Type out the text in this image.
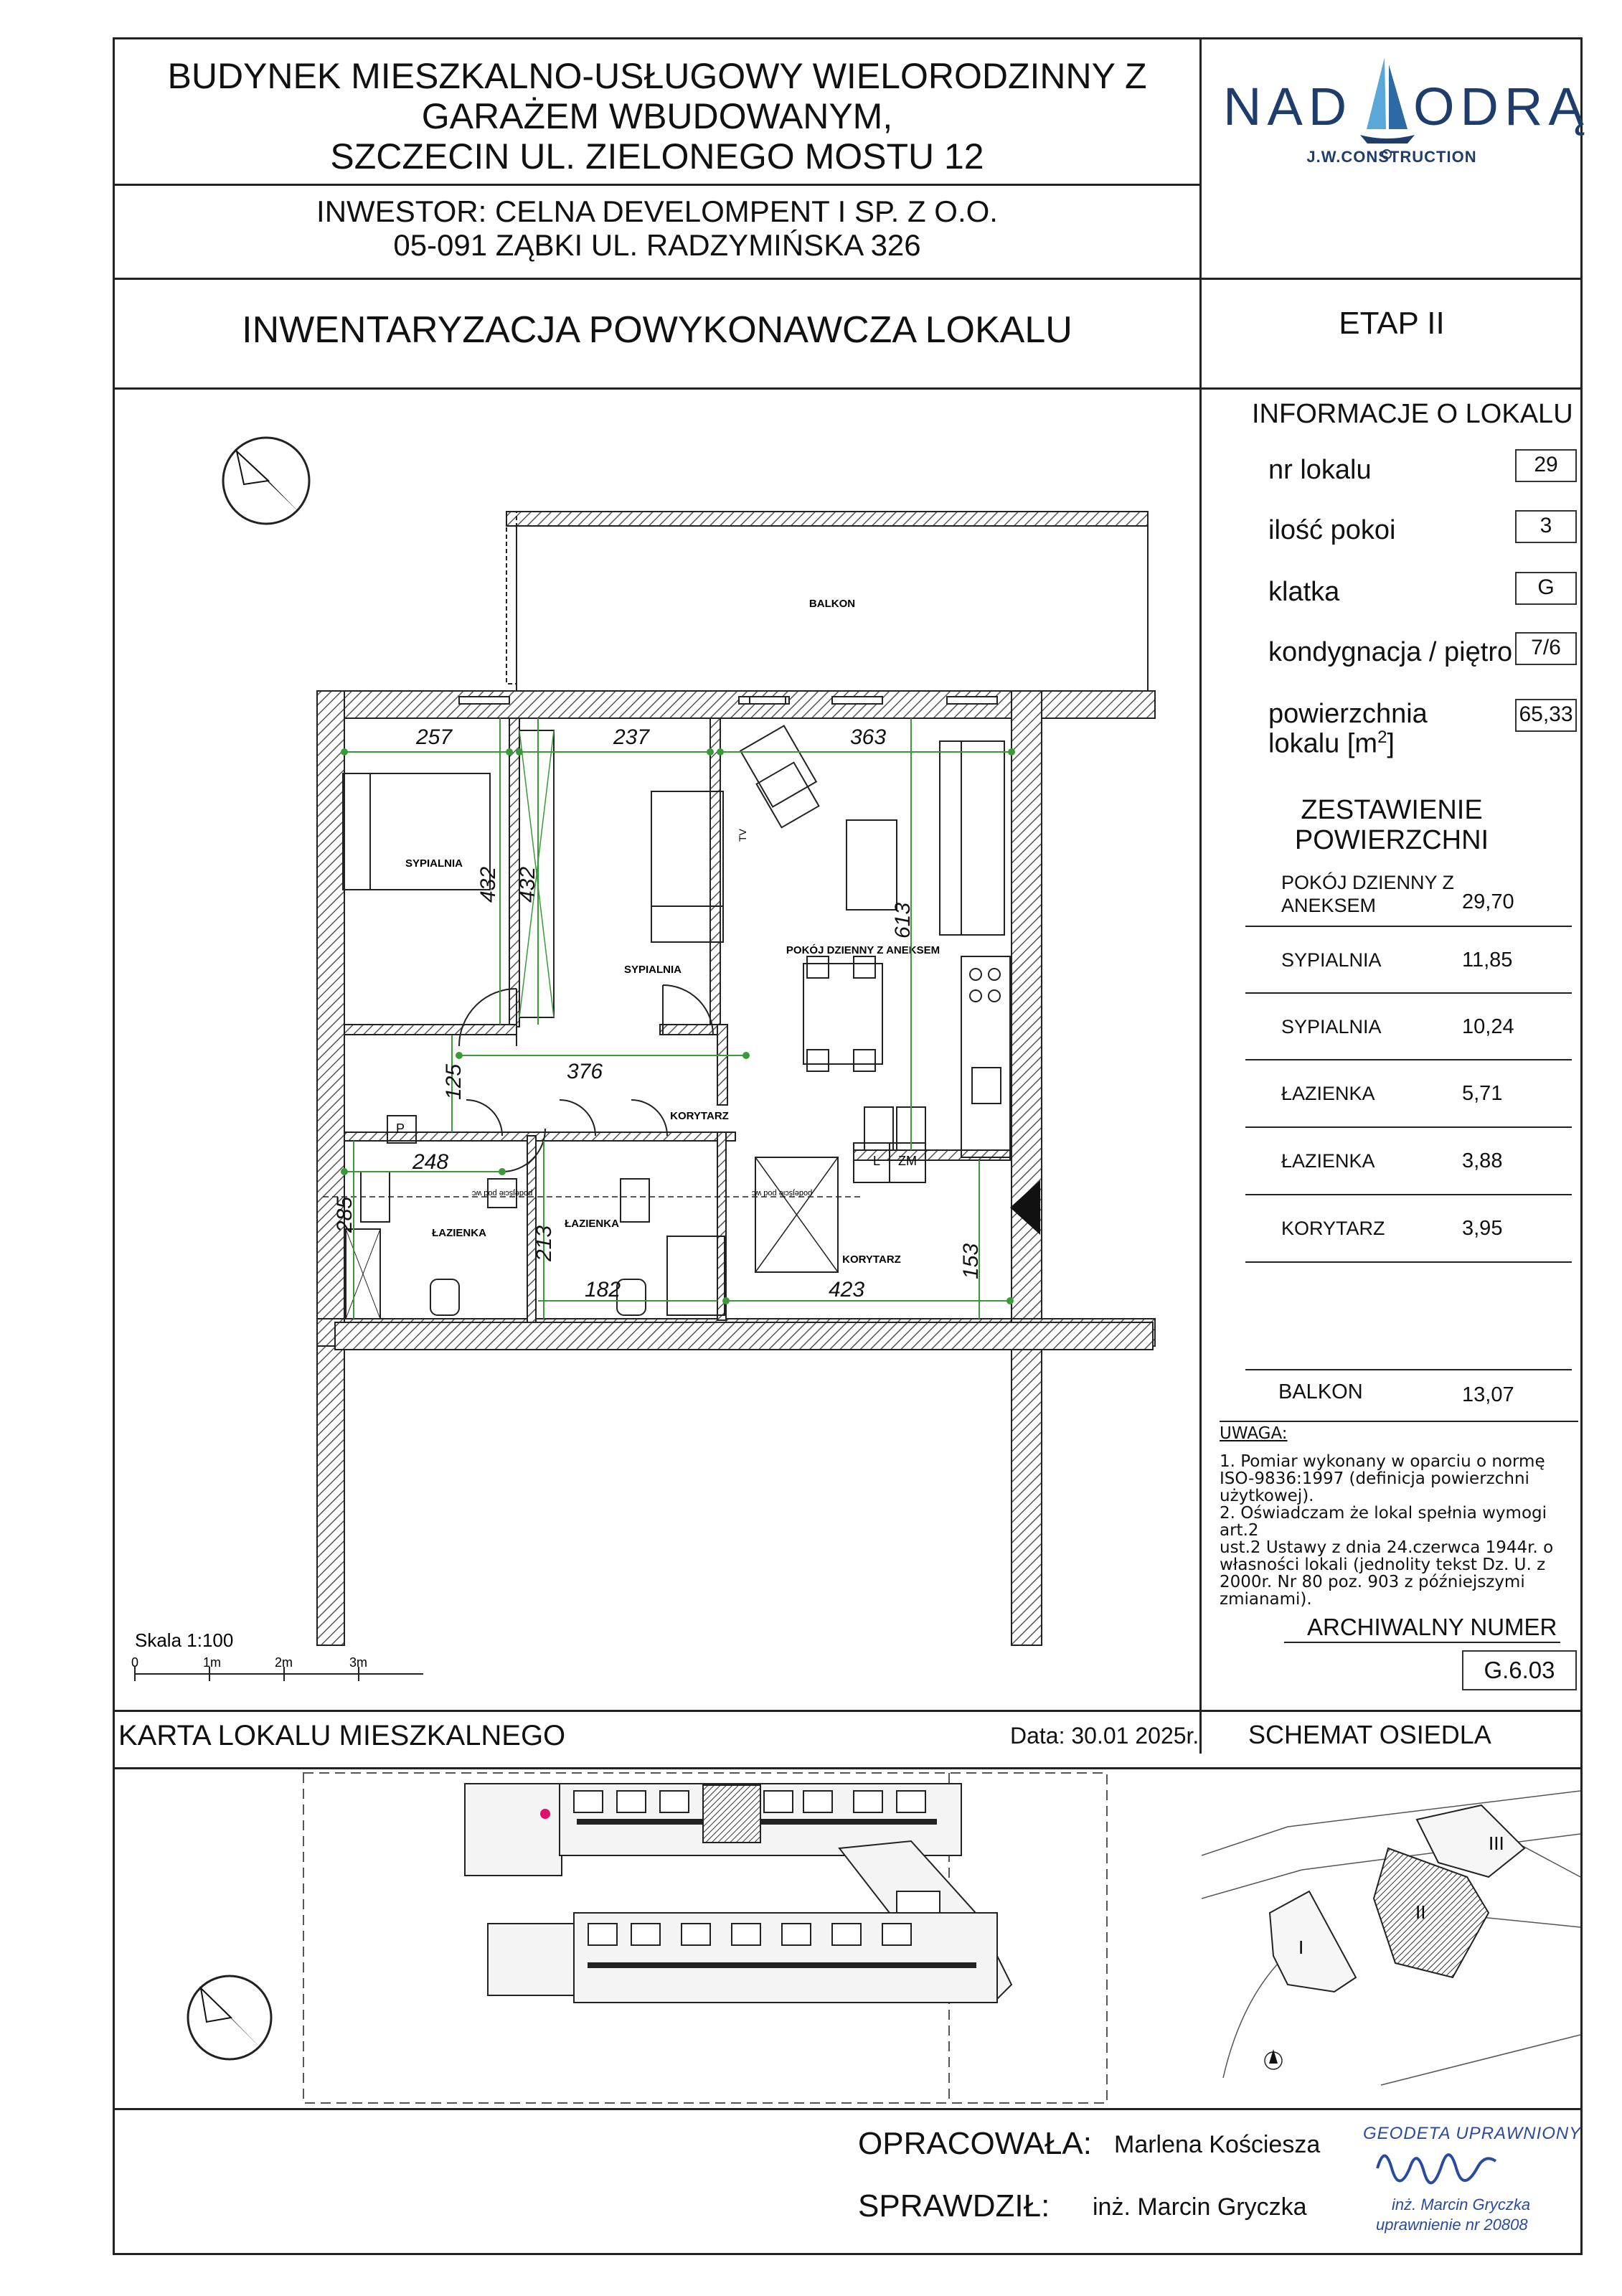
BUDYNEK MIESZKALNO-USŁUGOWY WIELORODZINNY Z
GARAŻEM WBUDOWANYM,
SZCZECIN UL. ZIELONEGO MOSTU 12
INWESTOR: CELNA DEVELOMPENT I SP. Z O.O.
05-091 ZĄBKI UL. RADZYMIŃSKA 326
INWENTARYZACJA POWYKONAWCZA LOKALU	ETAP II
NAD ODRĄ
J.W.CONSTRUCTION
INFORMACJE O LOKALU
nr lokalu	29
ilość pokoi	3
klatka	G
kondygnacja / piętro 7/6
powierzchnia
lokalu $[m^2]$
65,33
ZESTAWIENIE
POWIERZCHNI
POKÓJ DZIENNY Z
ANEKSEM	29,70
SYPIALNIA	11,85
SYPIALNIA	10,24
ŁAZIENKA	5,71
ŁAZIENKA	3,88
KORYTARZ	3,95
BALKON	13,07
UWAGA:
1. Pomiar wykonany w oparciu o normę
ISO-9836:1997 (definicja powierzchni
użytkowej).
2. Oświadczam że lokal spełnia wymogi art.2
ust.2 Ustawy z dnia 24.czerwca 1944r. o
własności lokali (jednolity tekst Dz. U. z
2000r. Nr 80 poz. 903 z późniejszymi
zmianami).
ARCHIWALNY NUMER
G.6.03
BALKON
P
L ZM
podejście pod wc	podejście pod wc
SYPIALNIA
SYPIALNIA
POKÓJ DZIENNY Z ANEKSEM
KORYTARZ
KORYTARZ
ŁAZIENKA
ŁAZIENKA
TV
257	237	363
432 432
613
376
125
248
285
213
182	423
153
Skala 1:100
0	1m	2m	3m
KARTA LOKALU MIESZKALNEGO	Data: 30.01 2025r. SCHEMAT OSIEDLA
I
II
III
OPRACOWAŁA: Marlena Kościesza
SPRAWDZIŁ: inż. Marcin Gryczka
GEODETA UPRAWNIONY
inż. Marcin Gryczka
uprawnienie nr 20808
